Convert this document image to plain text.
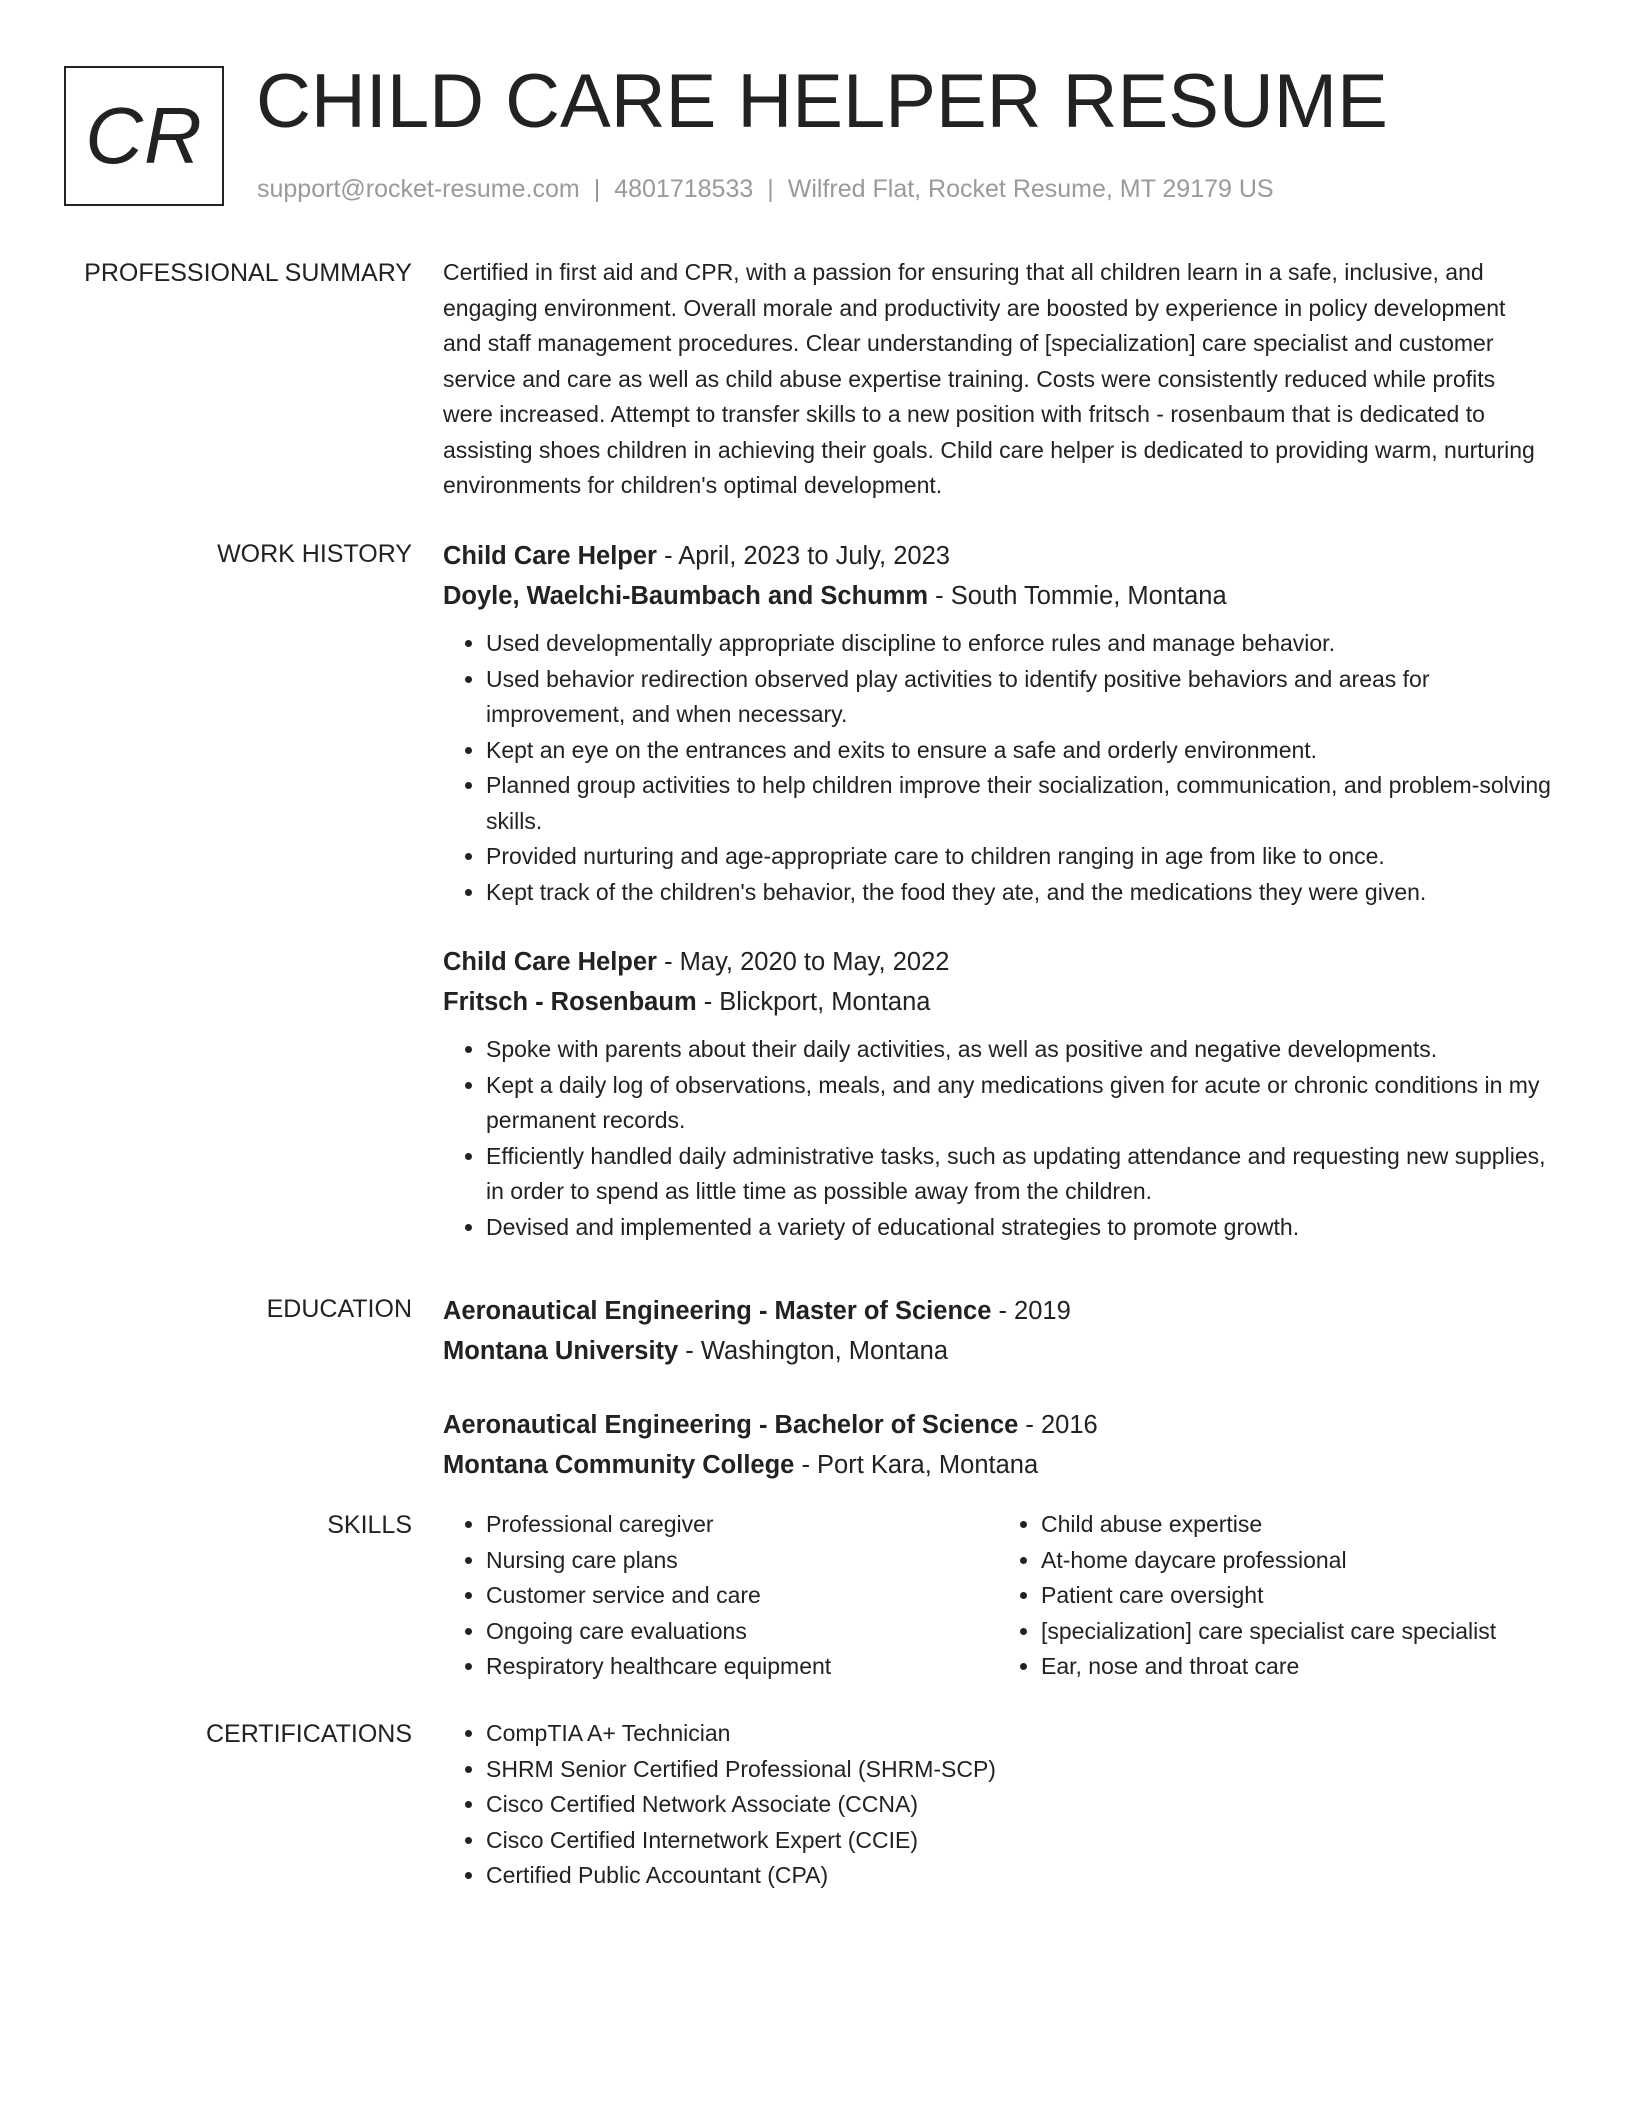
CR CHILD CARE HELPER RESUME
support@rocket-resume.com | 4801718533 | Wilfred Flat, Rocket Resume, MT 29179 US
PROFESSIONAL SUMMARY Certified in first aid and CPR, with a passion for ensuring that all children learn in a safe, inclusive, and engaging environment. Overall morale and productivity are boosted by experience in policy development and staff management procedures. Clear understanding of [specialization] care specialist and customer service and care as well as child abuse expertise training. Costs were consistently reduced while profits were increased. Attempt to transfer skills to a new position with fritsch - rosenbaum that is dedicated to assisting shoes children in achieving their goals. Child care helper is dedicated to providing warm, nurturing environments for children's optimal development.

WORK HISTORY Child Care Helper - April, 2023 to July, 2023
Doyle, Waelchi-Baumbach and Schumm - South Tommie, Montana
• Used developmentally appropriate discipline to enforce rules and manage behavior.
• Used behavior redirection observed play activities to identify positive behaviors and areas for improvement, and when necessary.
• Kept an eye on the entrances and exits to ensure a safe and orderly environment.
• Planned group activities to help children improve their socialization, communication, and problem-solving skills.
• Provided nurturing and age-appropriate care to children ranging in age from like to once.
• Kept track of the children's behavior, the food they ate, and the medications they were given.
Child Care Helper - May, 2020 to May, 2022
Fritsch - Rosenbaum - Blickport, Montana
• Spoke with parents about their daily activities, as well as positive and negative developments.
• Kept a daily log of observations, meals, and any medications given for acute or chronic conditions in my permanent records.
• Efficiently handled daily administrative tasks, such as updating attendance and requesting new supplies, in order to spend as little time as possible away from the children.
• Devised and implemented a variety of educational strategies to promote growth.
EDUCATION Aeronautical Engineering - Master of Science - 2019
Montana University - Washington, Montana
Aeronautical Engineering - Bachelor of Science - 2016
Montana Community College - Port Kara, Montana
SKILLS	• Professional caregiver
• Nursing care plans
• Customer service and care
• Ongoing care evaluations
• Respiratory healthcare equipment
• Child abuse expertise
• At-home daycare professional
• Patient care oversight
• [specialization] care specialist care specialist
• Ear, nose and throat care
CERTIFICATIONS	• CompTIA A+ Technician
• SHRM Senior Certified Professional (SHRM-SCP)
• Cisco Certified Network Associate (CCNA)
• Cisco Certified Internetwork Expert (CCIE)
• Certified Public Accountant (CPA)
